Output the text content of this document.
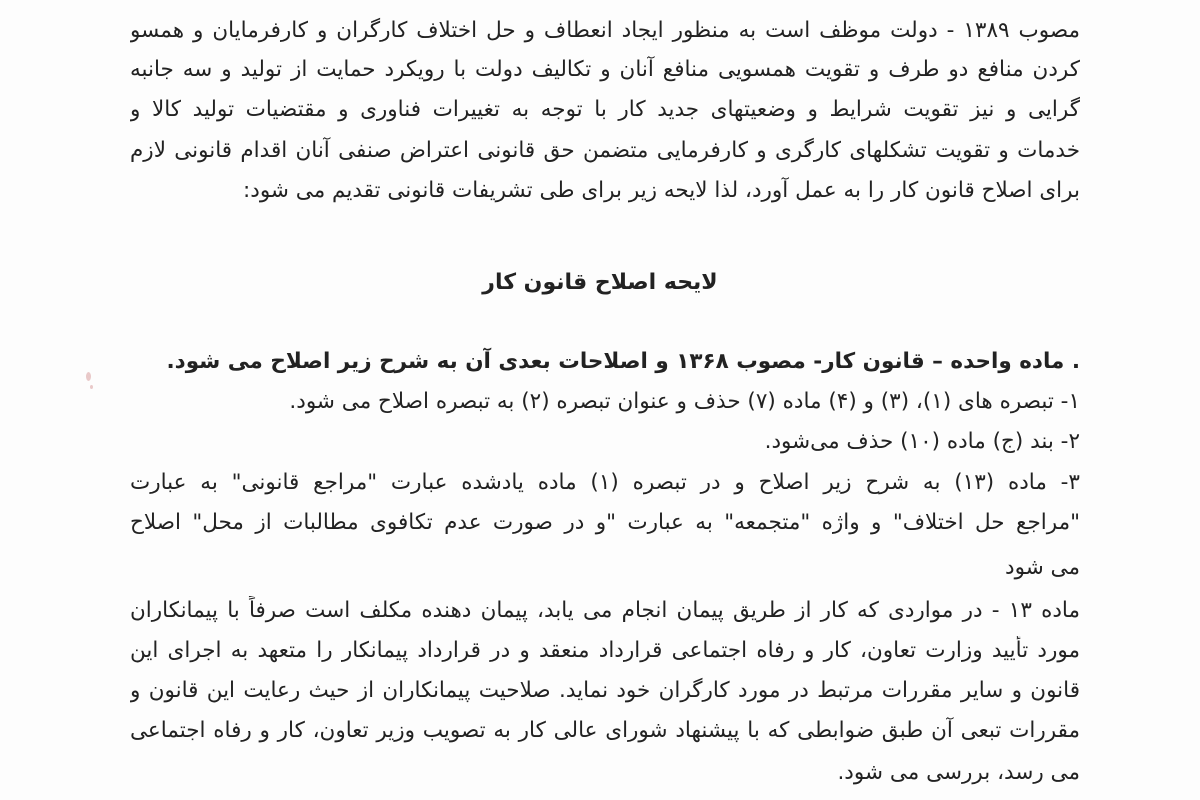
مصوب ۱۳۸۹ - دولت موظف است به منظور ایجاد انعطاف و حل اختلاف کارگران و کارفرمایان و همسو
کردن منافع دو طرف و تقویت همسویی منافع آنان و تکالیف دولت با رویکرد حمایت از تولید و سه جانبه
گرایی و نیز تقویت شرایط و وضعیتهای جدید کار با توجه به تغییرات فناوری و مقتضیات تولید کالا و
خدمات و تقویت تشکلهای کارگری و کارفرمایی متضمن حق قانونی اعتراض صنفی آنان اقدام قانونی لازم
برای اصلاح قانون کار را به عمل آورد، لذا لایحه زیر برای طی تشریفات قانونی تقدیم می شود:
. ماده واحده – قانون کار- مصوب ۱۳۶۸ و اصلاحات بعدی آن به شرح زیر اصلاح می شود.
۱- تبصره های (۱)، (۳) و (۴) ماده (۷) حذف و عنوان تبصره (۲) به تبصره اصلاح می شود.
۲- بند (ج) ماده (۱۰) حذف می‌شود.
۳- ماده (۱۳) به شرح زیر اصلاح و در تبصره (۱) ماده یادشده عبارت "مراجع قانونی" به عبارت
"مراجع حل اختلاف" و واژه "متجمعه" به عبارت "و در صورت عدم تکافوی مطالبات از محل" اصلاح
می شود
ماده ۱۳ - در مواردی که کار از طریق پیمان انجام می یابد، پیمان دهنده مکلف است صرفاً با پیمانکاران
مورد تأیید وزارت تعاون، کار و رفاه اجتماعی قرارداد منعقد و در قرارداد پیمانکار را متعهد به اجرای این
قانون و سایر مقررات مرتبط در مورد کارگران خود نماید. صلاحیت پیمانکاران از حیث رعایت این قانون و
مقررات تبعی آن طبق ضوابطی که با پیشنهاد شورای عالی کار به تصویب وزیر تعاون، کار و رفاه اجتماعی
می رسد، بررسی می شود.
لایحه اصلاح قانون کار
